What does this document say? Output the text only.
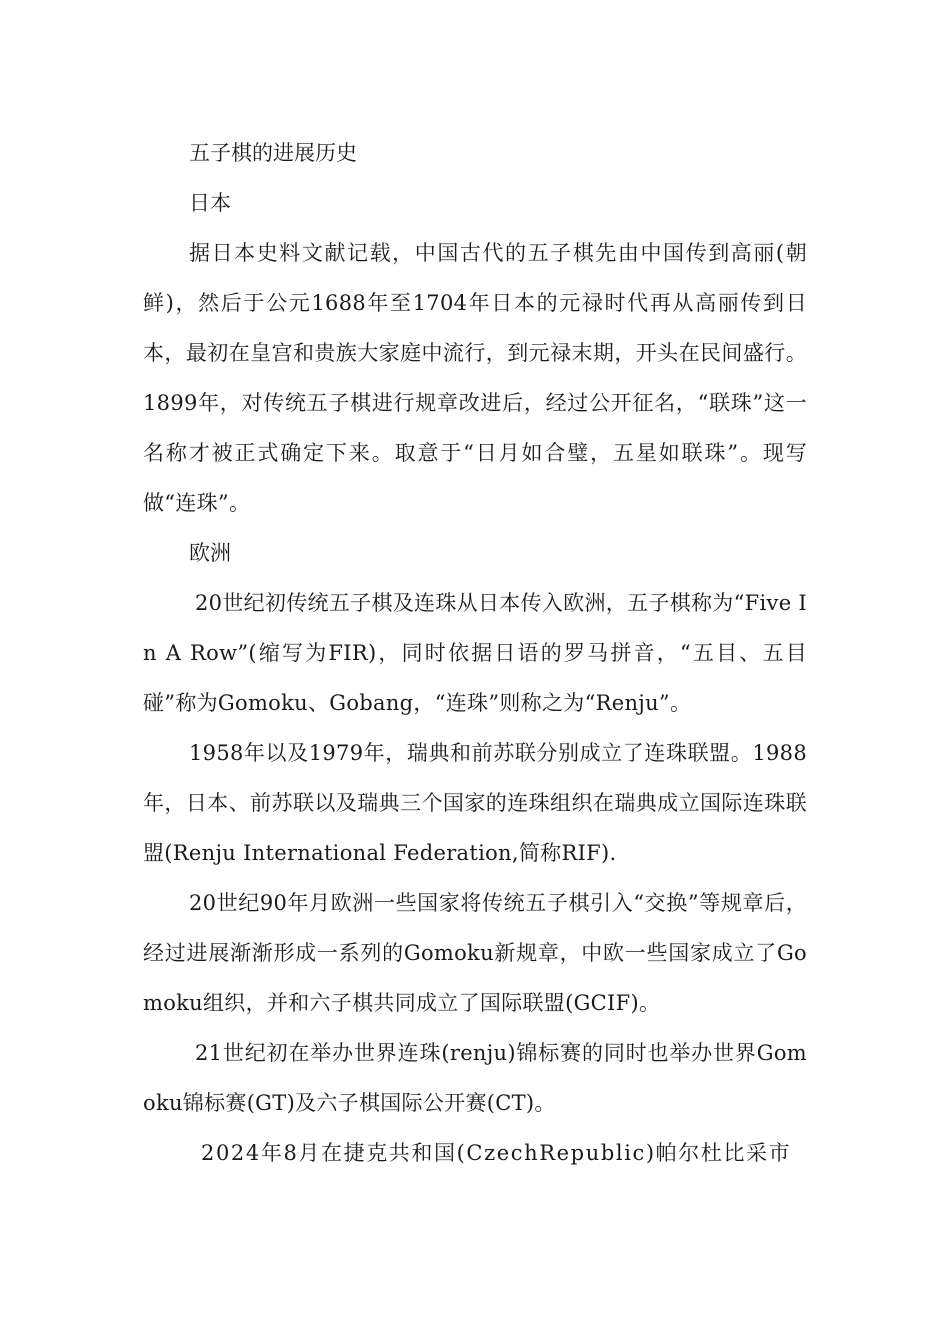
五子棋的进展历史

日本

据日本史料文献记载，中国古代的五子棋先由中国传到高丽(朝鲜)，然后于公元1688年至1704年日本的元禄时代再从高丽传到日本，最初在皇宫和贵族大家庭中流行，到元禄末期，开头在民间盛行。1899年，对传统五子棋进行规章改进后，经过公开征名，“联珠”这一名称才被正式确定下来。取意于“日月如合璧，五星如联珠”。现写做“连珠”。

欧洲

20世纪初传统五子棋及连珠从日本传入欧洲，五子棋称为“Five In A Row”(缩写为FIR)，同时依据日语的罗马拼音，“五目、五目碰”称为Gomoku、Gobang，“连珠”则称之为“Renju”。

1958年以及1979年，瑞典和前苏联分别成立了连珠联盟。1988年，日本、前苏联以及瑞典三个国家的连珠组织在瑞典成立国际连珠联盟(Renju International Federation,简称RIF).

20世纪90年月欧洲一些国家将传统五子棋引入“交换”等规章后，经过进展渐渐形成一系列的Gomoku新规章，中欧一些国家成立了Gomoku组织，并和六子棋共同成立了国际联盟(GCIF)。

21世纪初在举办世界连珠(renju)锦标赛的同时也举办世界Gomoku锦标赛(GT)及六子棋国际公开赛(CT)。

2024年8月在捷克共和国(CzechRepublic)帕尔杜比采市
